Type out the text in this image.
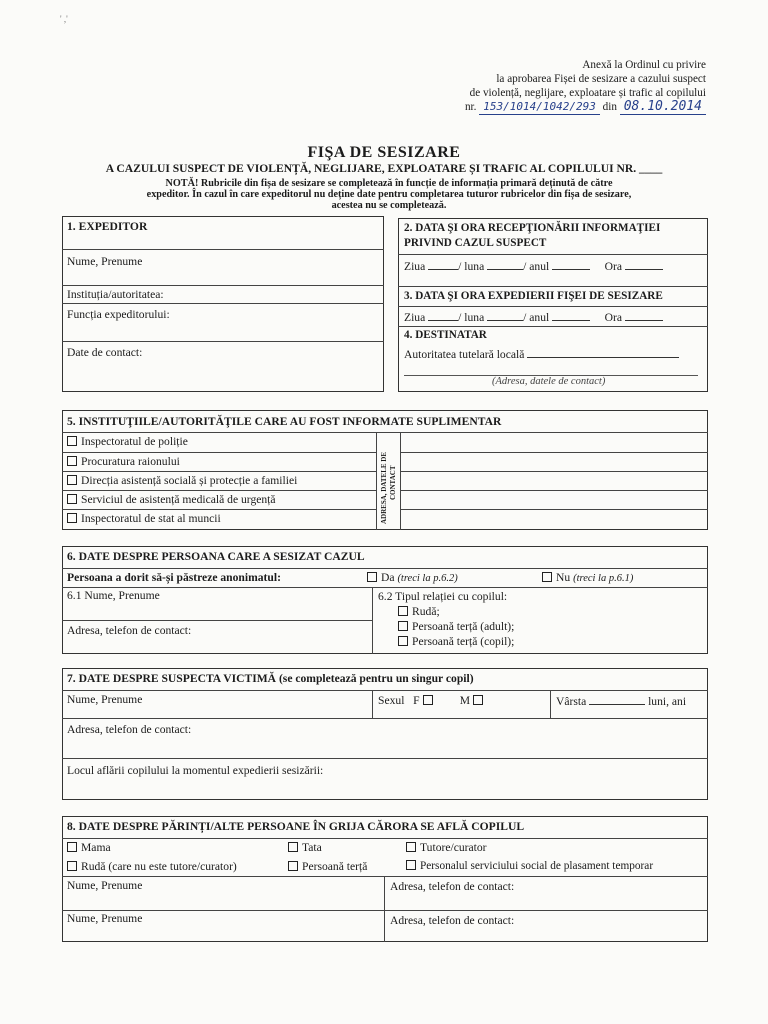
' ,'
Anexă la Ordinul cu privire
la aprobarea Fișei de sesizare a cazului suspect
de violență, neglijare, exploatare și trafic al copilului
nr. 153/1014/1042/293 din 08.10.2014
FIŞA DE SESIZARE
A CAZULUI SUSPECT DE VIOLENȚĂ, NEGLIJARE, EXPLOATARE ȘI TRAFIC AL COPILULUI NR. ____
NOTĂ! Rubricile din fișa de sesizare se completează în funcție de informația primară deținută de către
expeditor. În cazul în care expeditorul nu deține date pentru completarea tuturor rubricelor din fișa de sesizare,
acestea nu se completează.
1. EXPEDITOR
Nume, Prenume
Instituția/autoritatea:
Funcția expeditorului:
Date de contact:
2. DATA ŞI ORA RECEPŢIONĂRII INFORMAŢIEI
PRIVIND CAZUL SUSPECT
Ziua	/ luna	/ anul	Ora
3. DATA ŞI ORA EXPEDIERII FIŞEI DE SESIZARE
Ziua	/ luna	/ anul	Ora
4. DESTINATAR
Autoritatea tutelară locală
(Adresa, datele de contact)
5. INSTITUŢIILE/AUTORITĂŢILE CARE AU FOST INFORMATE SUPLIMENTAR
Inspectoratul de poliție
Procuratura raionului
Direcția asistență socială și protecție a familiei
Serviciul de asistență medicală de urgență
Inspectoratul de stat al muncii	ADRESA, DATELE DE CONTACT
6. DATE DESPRE PERSOANA CARE A SESIZAT CAZUL
Persoana a dorit să-și păstreze anonimatul:	Da (treci la p.6.2)	Nu (treci la p.6.1)
6.1 Nume, Prenume
Adresa, telefon de contact:
6.2 Tipul relației cu copilul:
Rudă;
Persoană terță (adult);
Persoană terță (copil);
7. DATE DESPRE SUSPECTA VICTIMĂ (se completează pentru un singur copil)
Nume, Prenume	Sexul F	M	Vârsta	luni, ani
Adresa, telefon de contact:
Locul aflării copilului la momentul expedierii sesizării:
8. DATE DESPRE PĂRINȚI/ALTE PERSOANE ÎN GRIJA CĂRORA SE AFLĂ COPILUL
Mama	Tata	Tutore/curator
Rudă (care nu este tutore/curator)	Persoană terță	Personalul serviciului social de plasament temporar
Nume, Prenume	Adresa, telefon de contact:
Nume, Prenume	Adresa, telefon de contact:
